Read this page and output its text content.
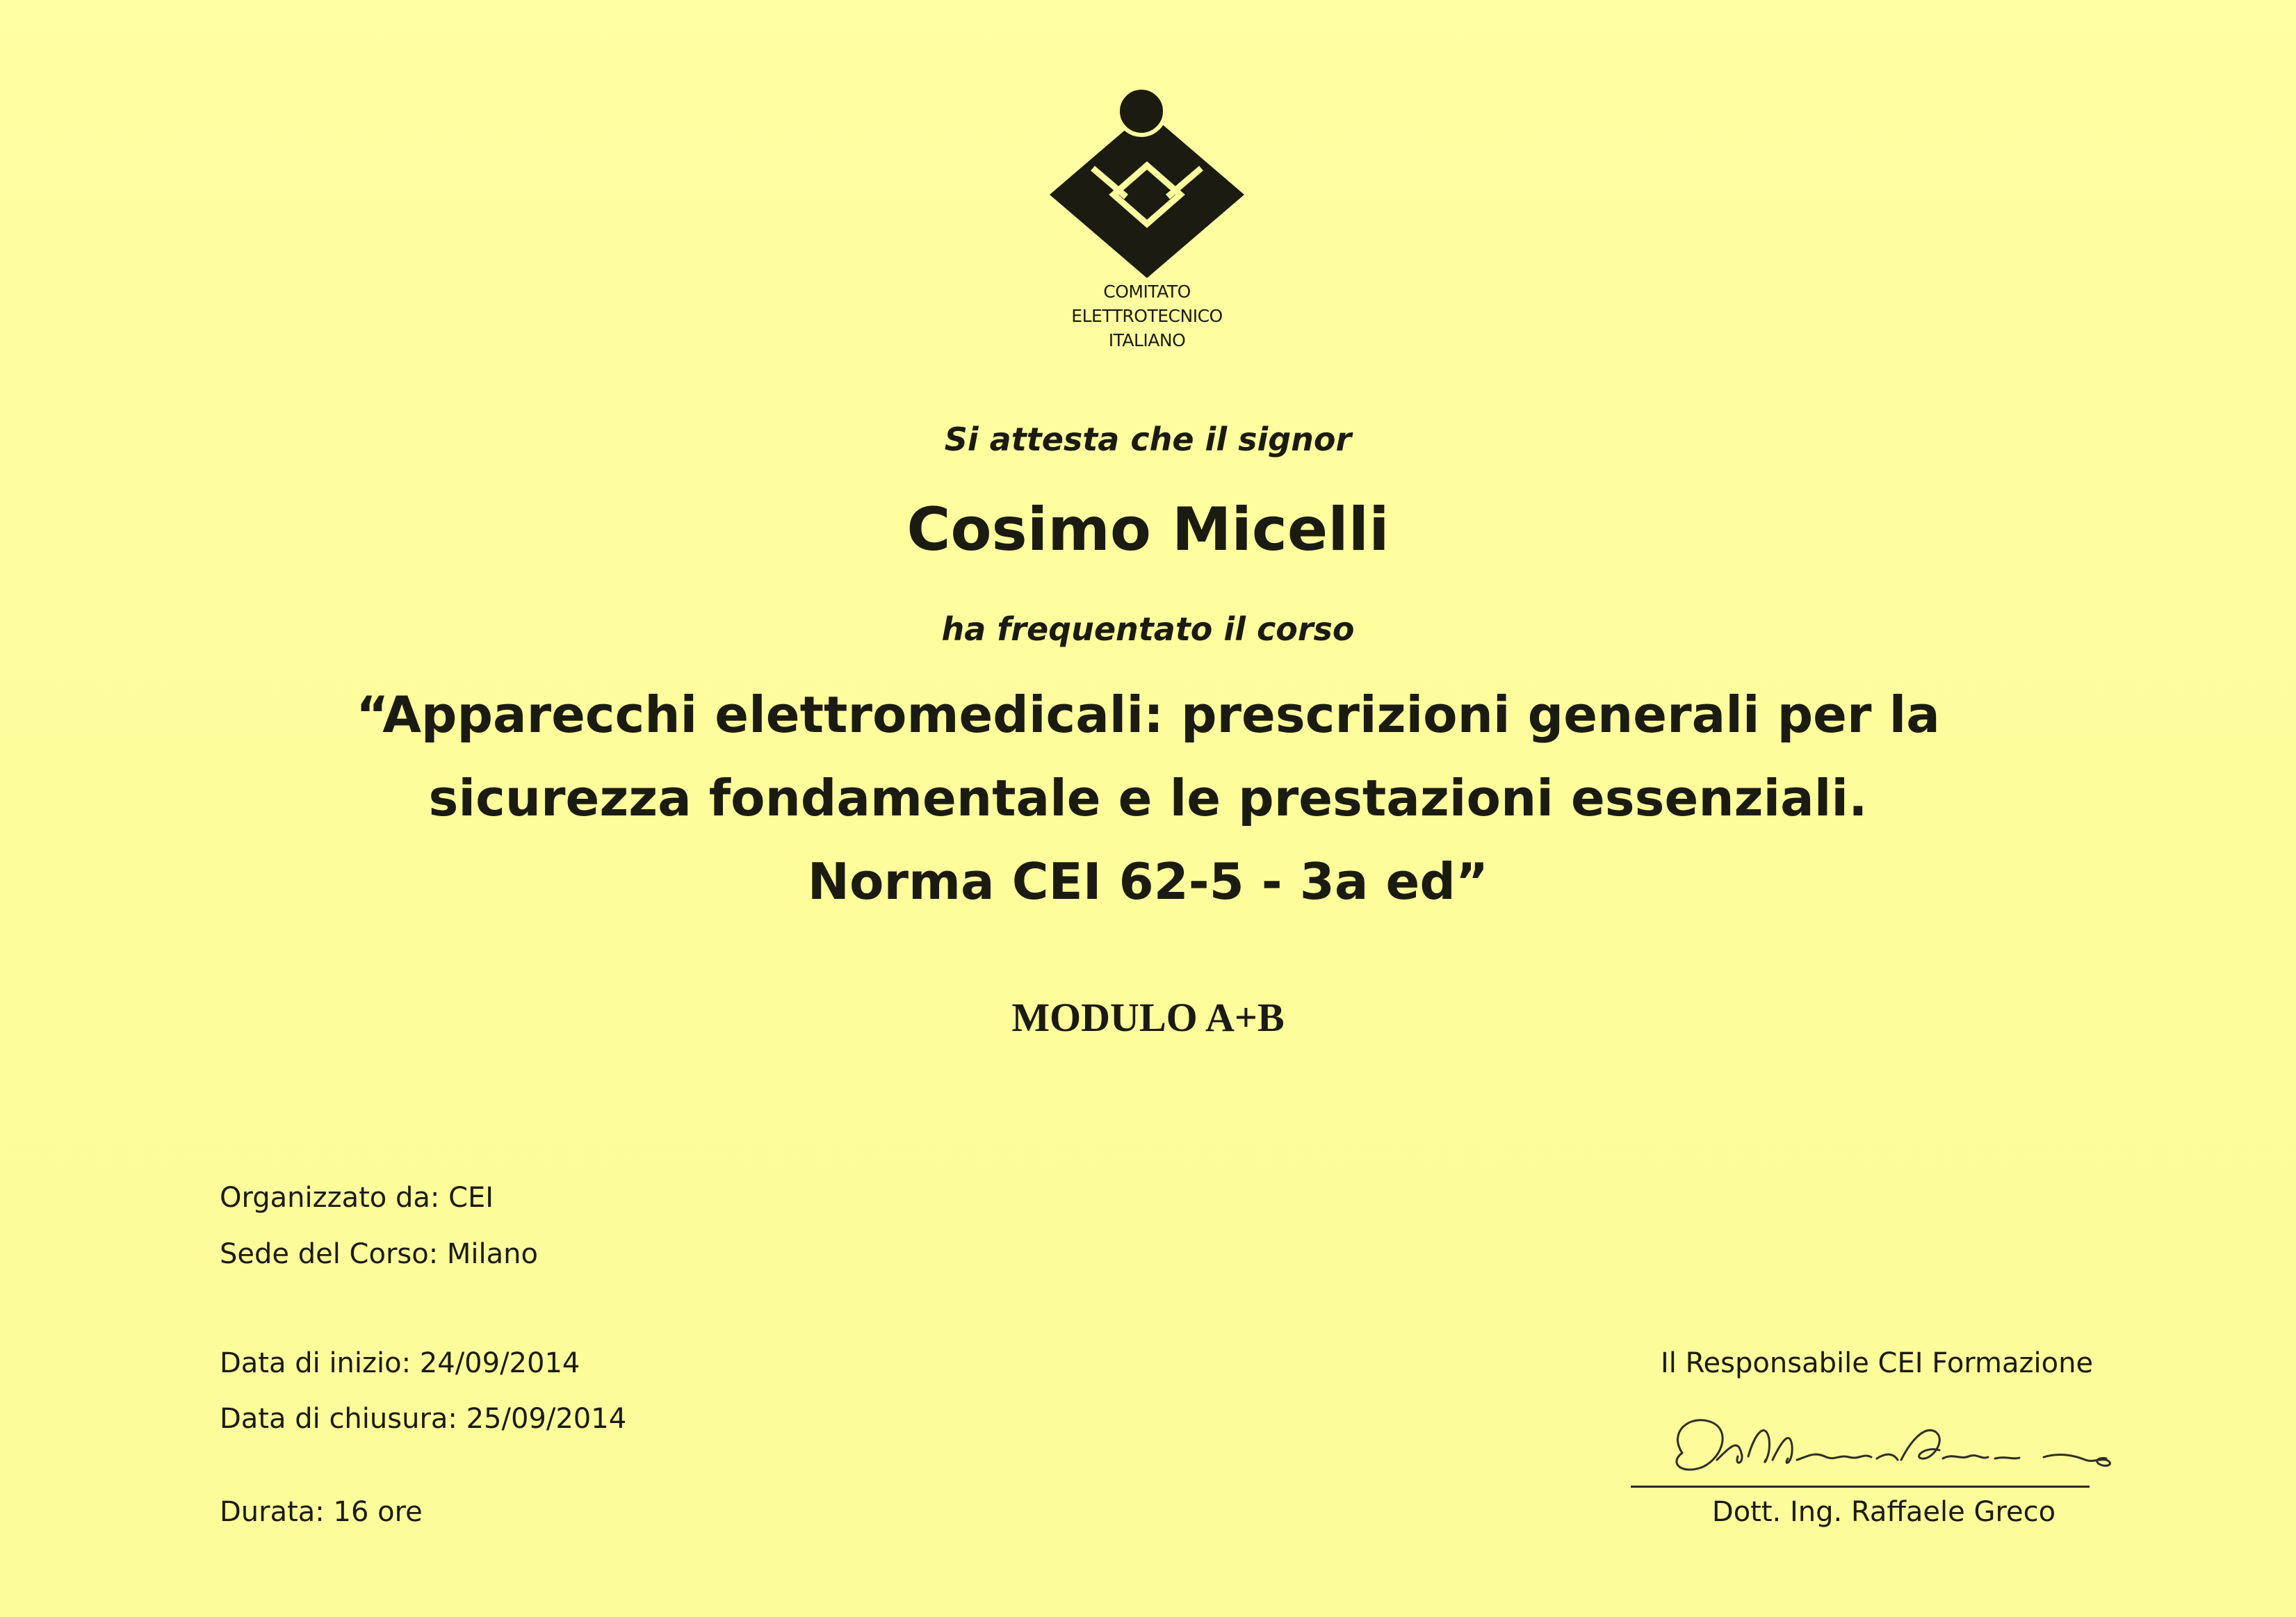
COMITATO
ELETTROTECNICO
ITALIANO
Si attesta che il signor
Cosimo Micelli
ha frequentato il corso
“Apparecchi elettromedicali: prescrizioni generali per la
sicurezza fondamentale e le prestazioni essenziali.
Norma CEI 62-5 - 3a ed”
MODULO A+B
Organizzato da: CEI
Sede del Corso: Milano
Data di inizio: 24/09/2014
Data di chiusura: 25/09/2014
Durata: 16 ore
Il Responsabile CEI Formazione
Dott. Ing. Raffaele Greco
